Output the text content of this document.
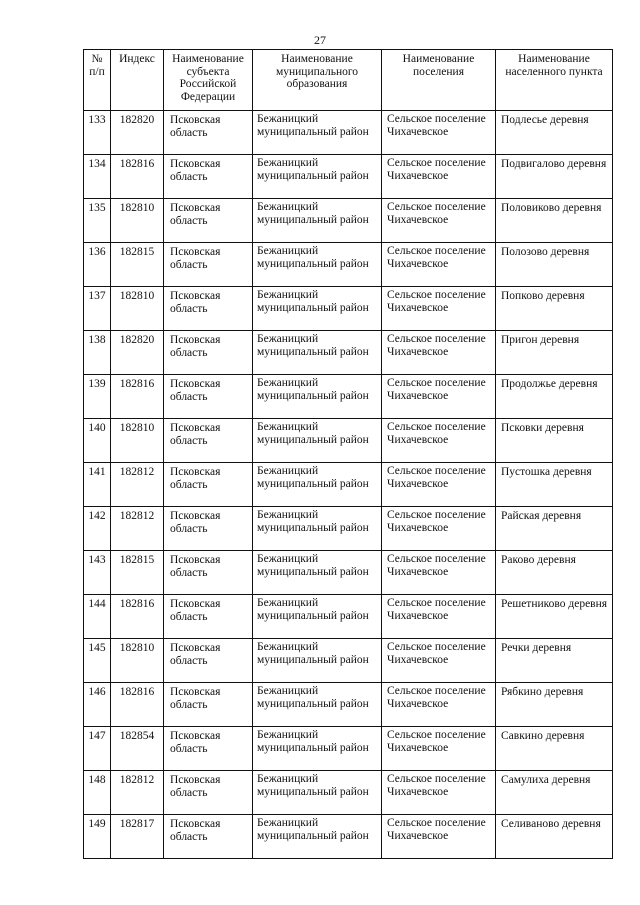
27
№ п/п	Индекс	Наименование субъекта Российской Федерации	Наименование муниципального образования	Наименование поселения	Наименование населенного пункта
133	182820	Псковская область	Бежаницкий муниципальный район	Сельское поселение Чихачевское	Подлесье деревня
134	182816	Псковская область	Бежаницкий муниципальный район	Сельское поселение Чихачевское	Подвигалово деревня
135	182810	Псковская область	Бежаницкий муниципальный район	Сельское поселение Чихачевское	Половиково деревня
136	182815	Псковская область	Бежаницкий муниципальный район	Сельское поселение Чихачевское	Полозово деревня
137	182810	Псковская область	Бежаницкий муниципальный район	Сельское поселение Чихачевское	Попково деревня
138	182820	Псковская область	Бежаницкий муниципальный район	Сельское поселение Чихачевское	Пригон деревня
139	182816	Псковская область	Бежаницкий муниципальный район	Сельское поселение Чихачевское	Продолжье деревня
140	182810	Псковская область	Бежаницкий муниципальный район	Сельское поселение Чихачевское	Псковки деревня
141	182812	Псковская область	Бежаницкий муниципальный район	Сельское поселение Чихачевское	Пустошка деревня
142	182812	Псковская область	Бежаницкий муниципальный район	Сельское поселение Чихачевское	Райская деревня
143	182815	Псковская область	Бежаницкий муниципальный район	Сельское поселение Чихачевское	Раково деревня
144	182816	Псковская область	Бежаницкий муниципальный район	Сельское поселение Чихачевское	Решетниково деревня
145	182810	Псковская область	Бежаницкий муниципальный район	Сельское поселение Чихачевское	Речки деревня
146	182816	Псковская область	Бежаницкий муниципальный район	Сельское поселение Чихачевское	Рябкино деревня
147	182854	Псковская область	Бежаницкий муниципальный район	Сельское поселение Чихачевское	Савкино деревня
148	182812	Псковская область	Бежаницкий муниципальный район	Сельское поселение Чихачевское	Самулиха деревня
149	182817	Псковская область	Бежаницкий муниципальный район	Сельское поселение Чихачевское	Селиваново деревня
